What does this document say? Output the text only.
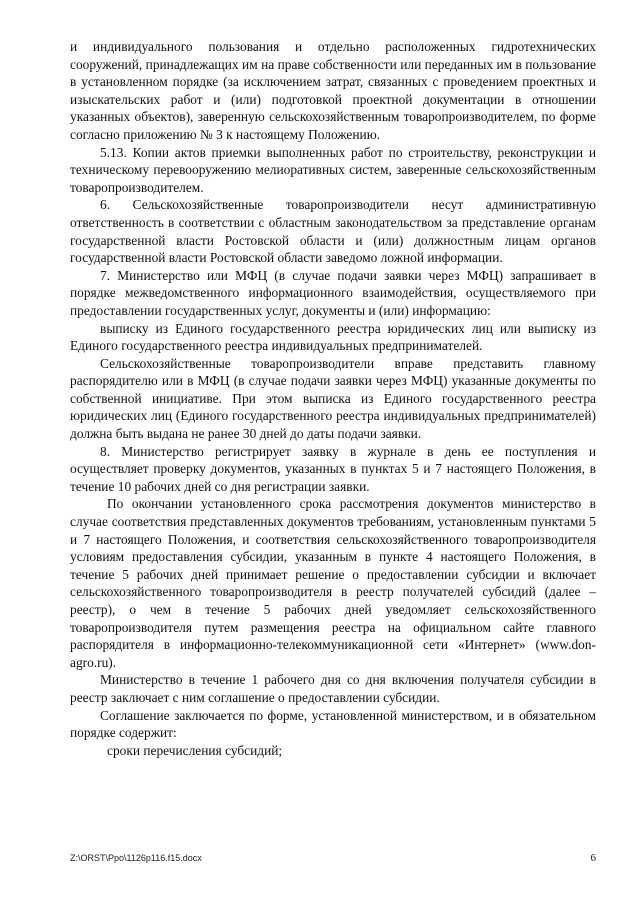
и индивидуального пользования и отдельно расположенных гидротехнических сооружений, принадлежащих им на праве собственности или переданных им в пользование в установленном порядке (за исключением затрат, связанных с проведением проектных и изыскательских работ и (или) подготовкой проектной документации в отношении указанных объектов), заверенную сельскохозяйственным товаропроизводителем, по форме согласно приложению № 3 к настоящему Положению.

5.13. Копии актов приемки выполненных работ по строительству, реконструкции и техническому перевооружению мелиоративных систем, заверенные сельскохозяйственным товаропроизводителем.

6. Сельскохозяйственные товаропроизводители несут административную ответственность в соответствии с областным законодательством за представление органам государственной власти Ростовской области и (или) должностным лицам органов государственной власти Ростовской области заведомо ложной информации.

7. Министерство или МФЦ (в случае подачи заявки через МФЦ) запрашивает в порядке межведомственного информационного взаимодействия, осуществляемого при предоставлении государственных услуг, документы и (или) информацию:

выписку из Единого государственного реестра юридических лиц или выписку из Единого государственного реестра индивидуальных предпринимателей.

Сельскохозяйственные товаропроизводители вправе представить главному распорядителю или в МФЦ (в случае подачи заявки через МФЦ) указанные документы по собственной инициативе. При этом выписка из Единого государственного реестра юридических лиц (Единого государственного реестра индивидуальных предпринимателей) должна быть выдана не ранее 30 дней до даты подачи заявки.

8. Министерство регистрирует заявку в журнале в день ее поступления и осуществляет проверку документов, указанных в пунктах 5 и 7 настоящего Положения, в течение 10 рабочих дней со дня регистрации заявки.

По окончании установленного срока рассмотрения документов министерство в случае соответствия представленных документов требованиям, установленным пунктами 5 и 7 настоящего Положения, и соответствия сельскохозяйственного товаропроизводителя условиям предоставления субсидии, указанным в пункте 4 настоящего Положения, в течение 5 рабочих дней принимает решение о предоставлении субсидии и включает сельскохозяйственного товаропроизводителя в реестр получателей субсидий (далее – реестр), о чем в течение 5 рабочих дней уведомляет сельскохозяйственного товаропроизводителя путем размещения реестра на официальном сайте главного распорядителя в информационно-телекоммуникационной сети «Интернет» (www.don-agro.ru).

Министерство в течение 1 рабочего дня со дня включения получателя субсидии в реестр заключает с ним соглашение о предоставлении субсидии.

Соглашение заключается по форме, установленной министерством, и в обязательном порядке содержит:

сроки перечисления субсидий;

Z:\ORST\Ppo\1126p116.f15.docx	6
